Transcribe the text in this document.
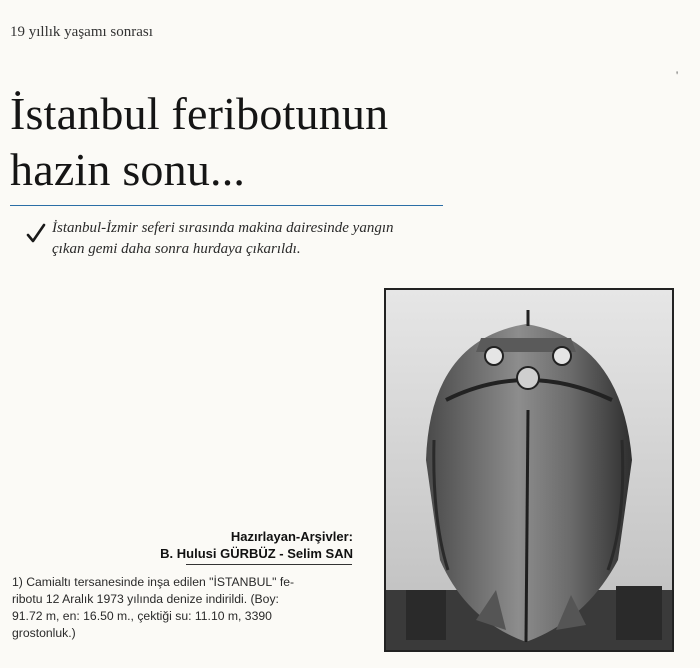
19 yıllık yaşamı sonrası
İstanbul feribotunun
hazin sonu...
İstanbul-İzmir seferi sırasında makina dairesinde yangın
çıkan gemi daha sonra hurdaya çıkarıldı.
Hazırlayan-Arşivler:
B. Hulusi GÜRBÜZ - Selim SAN
1) Camialtı tersanesinde inşa edilen "İSTANBUL" fe-
ribotu 12 Aralık 1973 yılında denize indirildi. (Boy:
91.72 m, en: 16.50 m., çektiği su: 11.10 m, 3390
grostonluk.)
'
